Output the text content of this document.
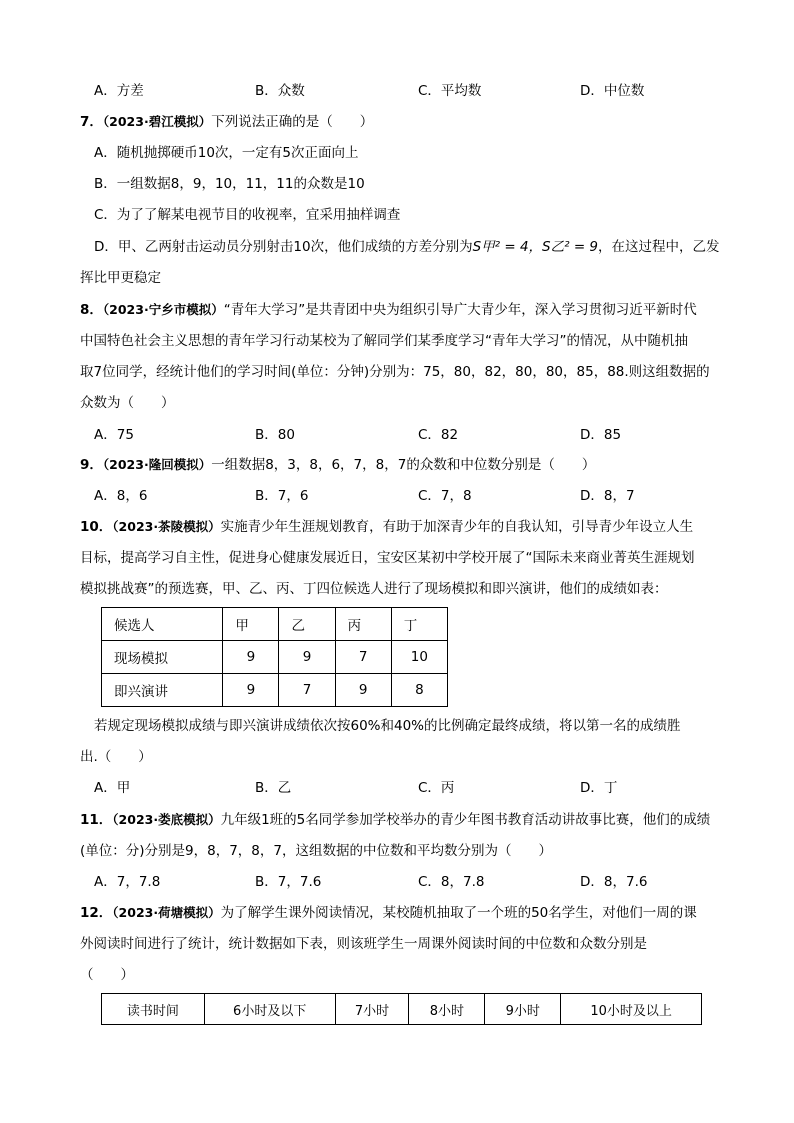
A．方差	B．众数	C．平均数	D．中位数
7．（2023·碧江模拟）下列说法正确的是（　　）
A．随机抛掷硬币10次，一定有5次正面向上
B．一组数据8，9，10，11，11的众数是10
C．为了了解某电视节目的收视率，宜采用抽样调查
D．甲、乙两射击运动员分别射击10次，他们成绩的方差分别为S甲² = 4，S乙² = 9，在这过程中，乙发
挥比甲更稳定
8．（2023·宁乡市模拟）“青年大学习”是共青团中央为组织引导广大青少年，深入学习贯彻习近平新时代
中国特色社会主义思想的青年学习行动某校为了解同学们某季度学习“青年大学习”的情况，从中随机抽
取7位同学，经统计他们的学习时间(单位：分钟)分别为：75，80，82，80，80，85，88.则这组数据的
众数为（　　）
A．75	B．80	C．82	D．85
9．（2023·隆回模拟）一组数据8，3，8，6，7，8，7的众数和中位数分别是（　　）
A．8，6	B．7，6	C．7，8	D．8，7
10．（2023·茶陵模拟）实施青少年生涯规划教育，有助于加深青少年的自我认知，引导青少年设立人生
目标，提高学习自主性，促进身心健康发展近日，宝安区某初中学校开展了“国际未来商业菁英生涯规划
模拟挑战赛”的预选赛，甲、乙、丙、丁四位候选人进行了现场模拟和即兴演讲，他们的成绩如表：
候选人	甲	乙	丙	丁
现场模拟	9	9	7	10
即兴演讲	9	7	9	8
若规定现场模拟成绩与即兴演讲成绩依次按60%和40%的比例确定最终成绩，将以第一名的成绩胜
出.（　　）
A．甲	B．乙	C．丙	D．丁
11．（2023·娄底模拟）九年级1班的5名同学参加学校举办的青少年图书教育活动讲故事比赛，他们的成绩
(单位：分)分别是9，8，7，8，7，这组数据的中位数和平均数分别为（　　）
A．7，7.8	B．7，7.6	C．8，7.8	D．8，7.6
12．（2023·荷塘模拟）为了解学生课外阅读情况，某校随机抽取了一个班的50名学生，对他们一周的课
外阅读时间进行了统计，统计数据如下表，则该班学生一周课外阅读时间的中位数和众数分别是
（　　）
读书时间	6小时及以下	7小时	8小时	9小时	10小时及以上
